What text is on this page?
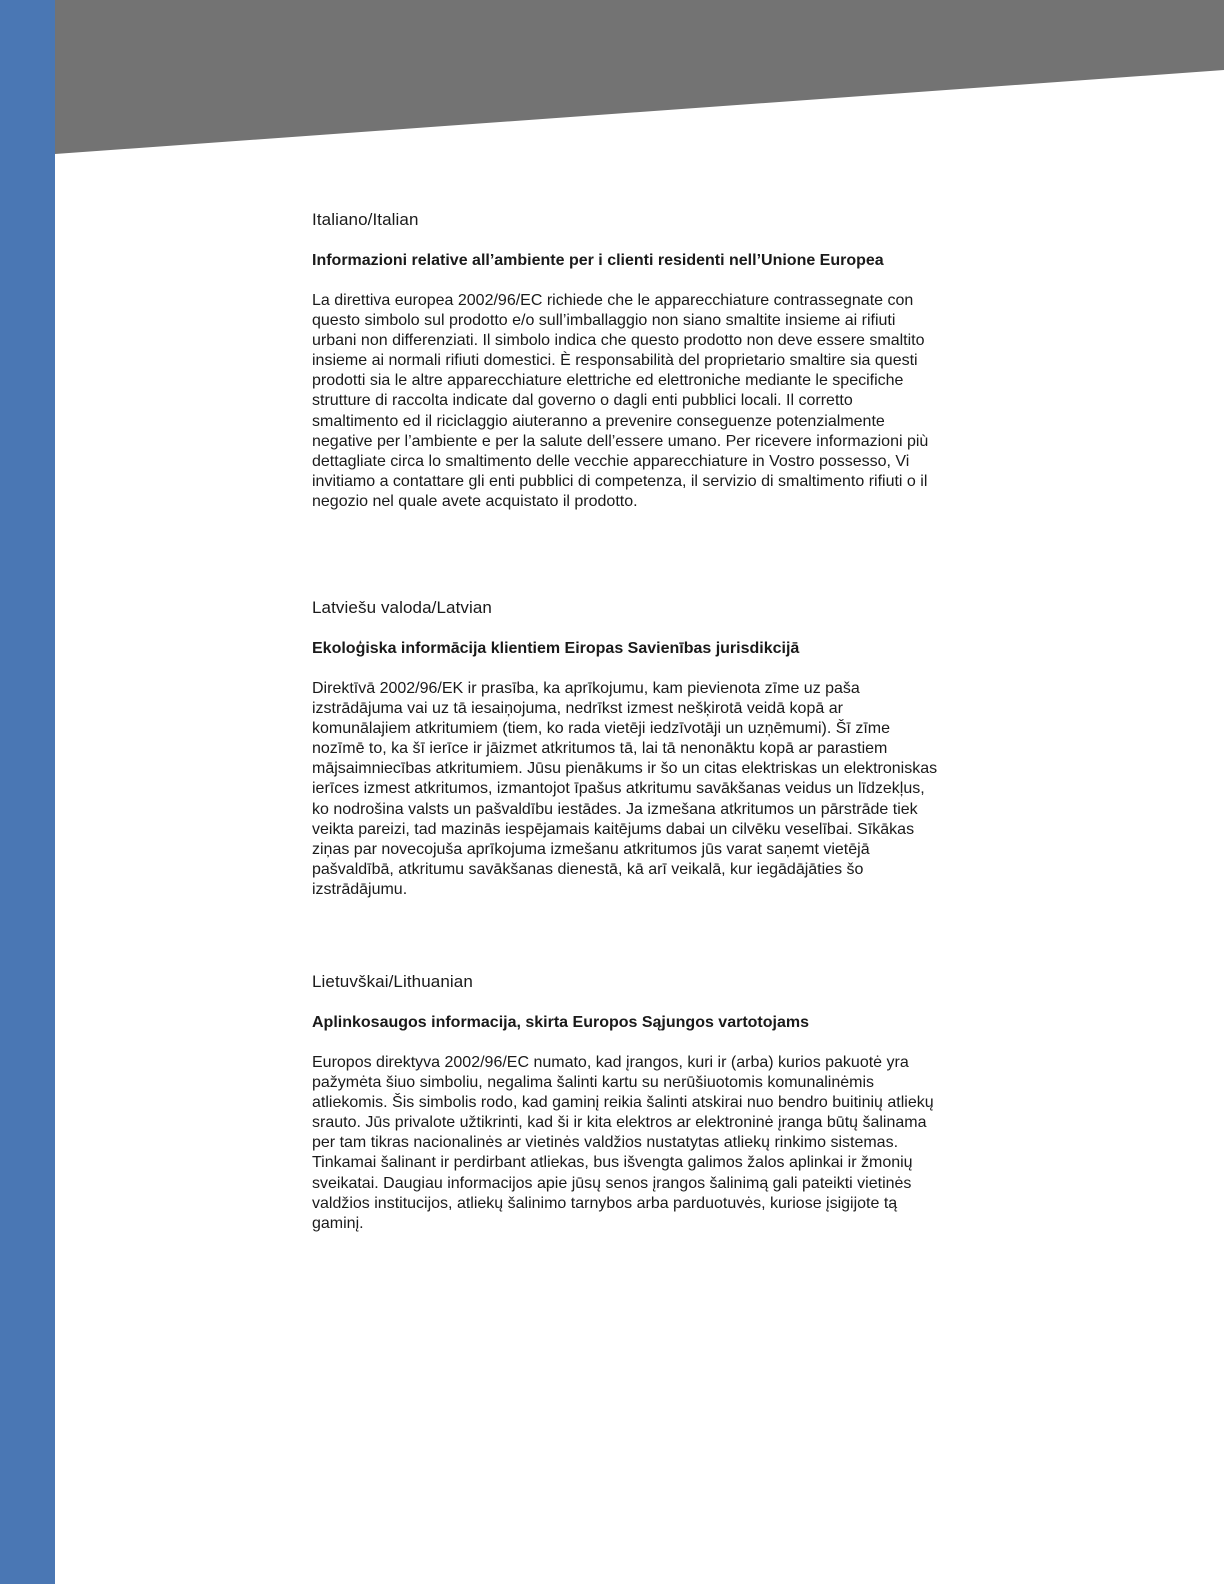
Italiano/Italian
Informazioni relative all’ambiente per i clienti residenti nell’Unione Europea

La direttiva europea 2002/96/EC richiede che le apparecchiature contrassegnate con questo simbolo sul prodotto e/o sull’imballaggio non siano smaltite insieme ai rifiuti urbani non differenziati. Il simbolo indica che questo prodotto non deve essere smaltito insieme ai normali rifiuti domestici. È responsabilità del proprietario smaltire sia questi prodotti sia le altre apparecchiature elettriche ed elettroniche mediante le specifiche strutture di raccolta indicate dal governo o dagli enti pubblici locali. Il corretto smaltimento ed il riciclaggio aiuteranno a prevenire conseguenze potenzialmente negative per l’ambiente e per la salute dell’essere umano. Per ricevere informazioni più dettagliate circa lo smaltimento delle vecchie apparecchiature in Vostro possesso, Vi invitiamo a contattare gli enti pubblici di competenza, il servizio di smaltimento rifiuti o il negozio nel quale avete acquistato il prodotto.

Latviešu valoda/Latvian
Ekoloģiska informācija klientiem Eiropas Savienības jurisdikcijā

Direktīvā 2002/96/EK ir prasība, ka aprīkojumu, kam pievienota zīme uz paša izstrādājuma vai uz tā iesaiņojuma, nedrīkst izmest nešķirotā veidā kopā ar komunālajiem atkritumiem (tiem, ko rada vietēji iedzīvotāji un uzņēmumi). Šī zīme nozīmē to, ka šī ierīce ir jāizmet atkritumos tā, lai tā nenonāktu kopā ar parastiem mājsaimniecības atkritumiem. Jūsu pienākums ir šo un citas elektriskas un elektroniskas ierīces izmest atkritumos, izmantojot īpašus atkritumu savākšanas veidus un līdzekļus, ko nodrošina valsts un pašvaldību iestādes. Ja izmešana atkritumos un pārstrāde tiek veikta pareizi, tad mazinās iespējamais kaitējums dabai un cilvēku veselībai. Sīkākas ziņas par novecojuša aprīkojuma izmešanu atkritumos jūs varat saņemt vietējā pašvaldībā, atkritumu savākšanas dienestā, kā arī veikalā, kur iegādājāties šo izstrādājumu.

Lietuvškai/Lithuanian
Aplinkosaugos informacija, skirta Europos Sąjungos vartotojams

Europos direktyva 2002/96/EC numato, kad įrangos, kuri ir (arba) kurios pakuotė yra pažymėta šiuo simboliu, negalima šalinti kartu su nerūšiuotomis komunalinėmis atliekomis. Šis simbolis rodo, kad gaminį reikia šalinti atskirai nuo bendro buitinių atliekų srauto. Jūs privalote užtikrinti, kad ši ir kita elektros ar elektroninė įranga būtų šalinama per tam tikras nacionalinės ar vietinės valdžios nustatytas atliekų rinkimo sistemas. Tinkamai šalinant ir perdirbant atliekas, bus išvengta galimos žalos aplinkai ir žmonių sveikatai. Daugiau informacijos apie jūsų senos įrangos šalinimą gali pateikti vietinės valdžios institucijos, atliekų šalinimo tarnybos arba parduotuvės, kuriose įsigijote tą gaminį.
